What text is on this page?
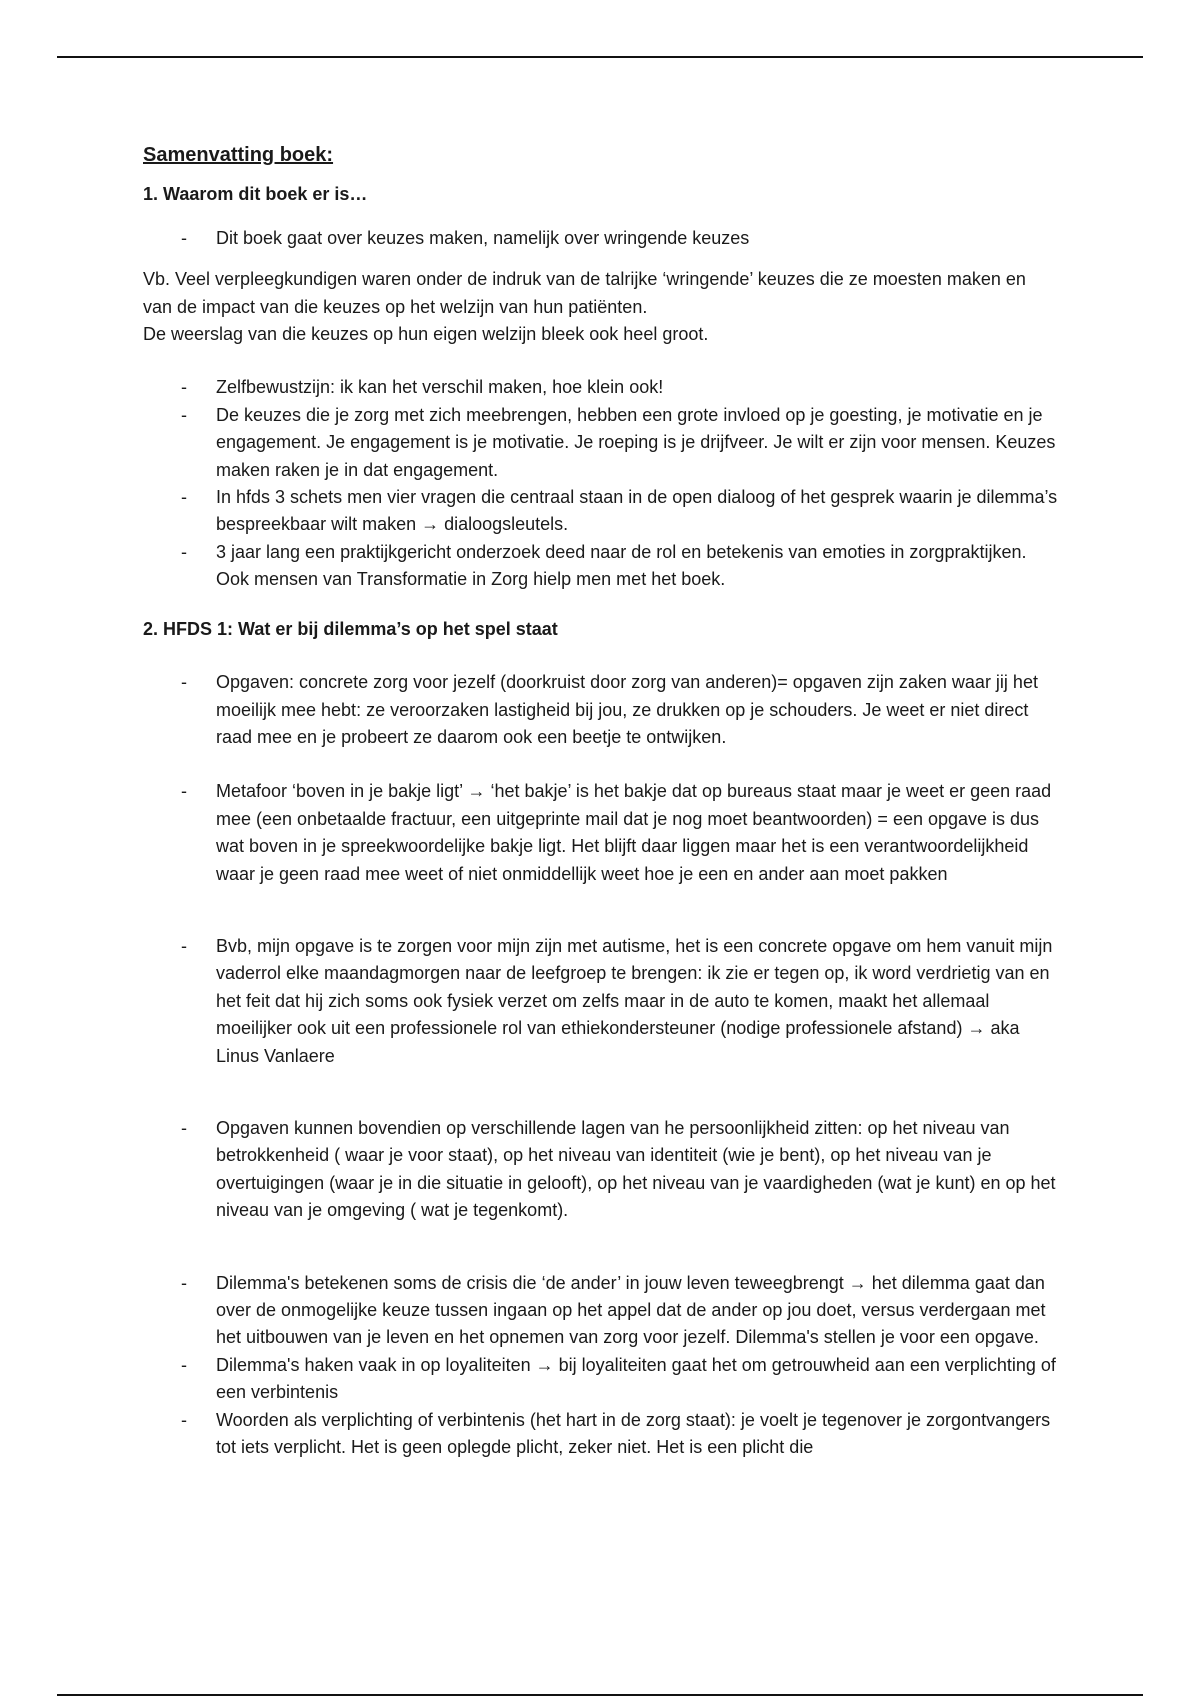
Samenvatting boek:
1. Waarom dit boek er is…
- Dit boek gaat over keuzes maken, namelijk over wringende keuzes
Vb. Veel verpleegkundigen waren onder de indruk van de talrijke ‘wringende’ keuzes die ze moesten maken en van de impact van die keuzes op het welzijn van hun patiënten.
De weerslag van die keuzes op hun eigen welzijn bleek ook heel groot.
- Zelfbewustzijn: ik kan het verschil maken, hoe klein ook!
- De keuzes die je zorg met zich meebrengen, hebben een grote invloed op je goesting, je motivatie en je engagement. Je engagement is je motivatie. Je roeping is je drijfveer. Je wilt er zijn voor mensen. Keuzes maken raken je in dat engagement.
- In hfds 3 schets men vier vragen die centraal staan in de open dialoog of het gesprek waarin je dilemma’s bespreekbaar wilt maken → dialoogsleutels.
- 3 jaar lang een praktijkgericht onderzoek deed naar de rol en betekenis van emoties in zorgpraktijken. Ook mensen van Transformatie in Zorg hielp men met het boek.
2. HFDS 1: Wat er bij dilemma’s op het spel staat
- Opgaven: concrete zorg voor jezelf (doorkruist door zorg van anderen)= opgaven zijn zaken waar jij het moeilijk mee hebt: ze veroorzaken lastigheid bij jou, ze drukken op je schouders. Je weet er niet direct raad mee en je probeert ze daarom ook een beetje te ontwijken.
- Metafoor ‘boven in je bakje ligt’ → ‘het bakje’ is het bakje dat op bureaus staat maar je weet er geen raad mee (een onbetaalde fractuur, een uitgeprinte mail dat je nog moet beantwoorden) = een opgave is dus wat boven in je spreekwoordelijke bakje ligt. Het blijft daar liggen maar het is een verantwoordelijkheid waar je geen raad mee weet of niet onmiddellijk weet hoe je een en ander aan moet pakken
- Bvb, mijn opgave is te zorgen voor mijn zijn met autisme, het is een concrete opgave om hem vanuit mijn vaderrol elke maandagmorgen naar de leefgroep te brengen: ik zie er tegen op, ik word verdrietig van en het feit dat hij zich soms ook fysiek verzet om zelfs maar in de auto te komen, maakt het allemaal moeilijker ook uit een professionele rol van ethiekondersteuner (nodige professionele afstand) → aka Linus Vanlaere
- Opgaven kunnen bovendien op verschillende lagen van he persoonlijkheid zitten: op het niveau van betrokkenheid ( waar je voor staat), op het niveau van identiteit (wie je bent), op het niveau van je overtuigingen (waar je in die situatie in gelooft), op het niveau van je vaardigheden (wat je kunt) en op het niveau van je omgeving ( wat je tegenkomt).
- Dilemma's betekenen soms de crisis die ‘de ander’ in jouw leven teweegbrengt → het dilemma gaat dan over de onmogelijke keuze tussen ingaan op het appel dat de ander op jou doet, versus verdergaan met het uitbouwen van je leven en het opnemen van zorg voor jezelf. Dilemma's stellen je voor een opgave.
- Dilemma's haken vaak in op loyaliteiten → bij loyaliteiten gaat het om getrouwheid aan een verplichting of een verbintenis
- Woorden als verplichting of verbintenis (het hart in de zorg staat): je voelt je tegenover je zorgontvangers tot iets verplicht. Het is geen oplegde plicht, zeker niet. Het is een plicht die
